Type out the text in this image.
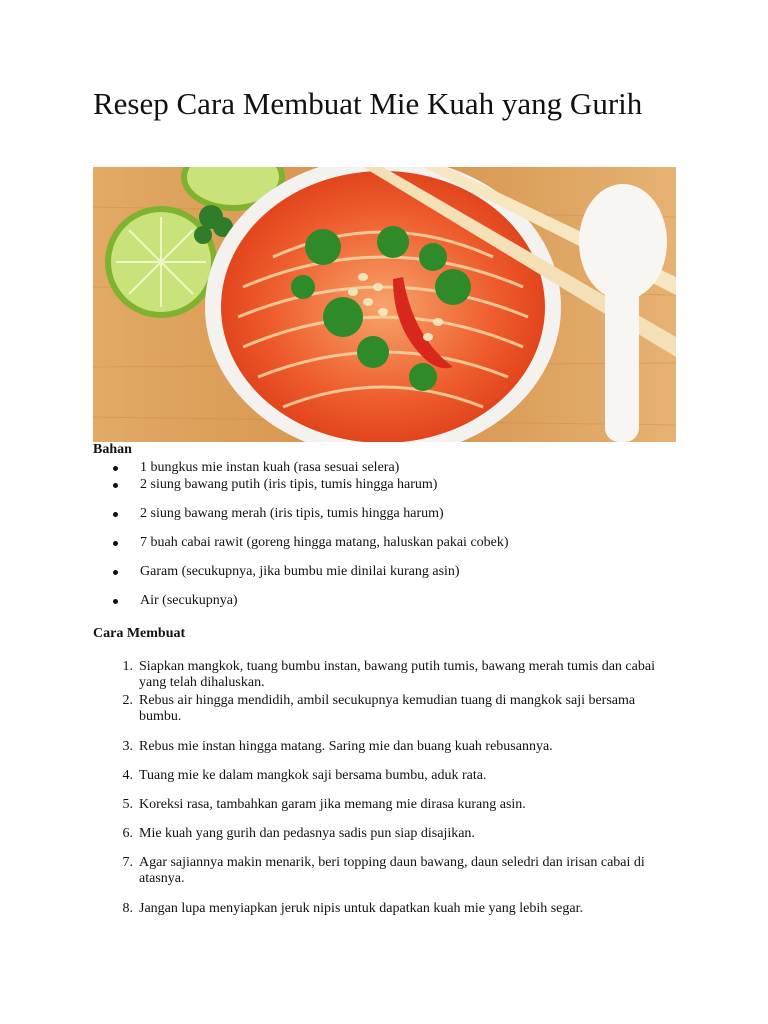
Resep Cara Membuat Mie Kuah yang Gurih
Bahan
1 bungkus mie instan kuah (rasa sesuai selera)
2 siung bawang putih (iris tipis, tumis hingga harum)
2 siung bawang merah (iris tipis, tumis hingga harum)
7 buah cabai rawit (goreng hingga matang, haluskan pakai cobek)
Garam (secukupnya, jika bumbu mie dinilai kurang asin)
Air (secukupnya)
Cara Membuat
1. Siapkan mangkok, tuang bumbu instan, bawang putih tumis, bawang merah tumis dan cabai yang telah dihaluskan.
2. Rebus air hingga mendidih, ambil secukupnya kemudian tuang di mangkok saji bersama bumbu.
3. Rebus mie instan hingga matang. Saring mie dan buang kuah rebusannya.
4. Tuang mie ke dalam mangkok saji bersama bumbu, aduk rata.
5. Koreksi rasa, tambahkan garam jika memang mie dirasa kurang asin.
6. Mie kuah yang gurih dan pedasnya sadis pun siap disajikan.
7. Agar sajiannya makin menarik, beri topping daun bawang, daun seledri dan irisan cabai di atasnya.
8. Jangan lupa menyiapkan jeruk nipis untuk dapatkan kuah mie yang lebih segar.
